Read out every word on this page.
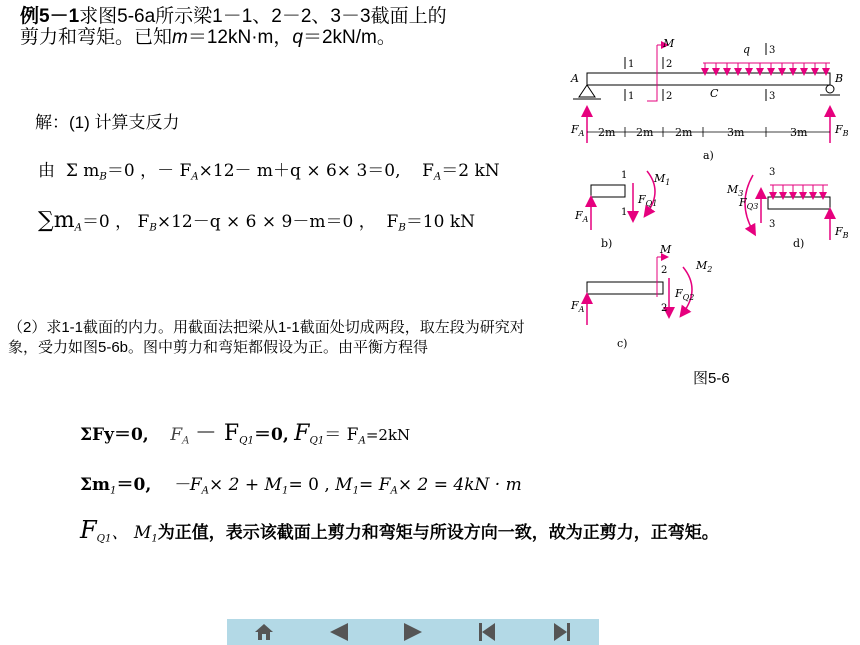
例5－1求图5-6a所示梁1－1、2－2、3－3截面上的
剪力和弯矩。已知m＝12kN·m，q＝2kN/m。
解：(1) 计算支反力
由 Σ $m_B=0$ ，－ $F_A\times 12- m+q \times 6\times 3=0$, $F_A=2$ kN
$\sum m_A=0$ ， $F_B\times 12-q \times 6 \times 9-m=0$ ， $F_B=10$ kN
（2）求1-1截面的内力。用截面法把梁从1-1截面处切成两段，取左段为研究对象，受力如图5-6b。图中剪力和弯矩都假设为正。由平衡方程得
A	B
C
M	q
1
1
2
2
3
3
$F_A$	$F_B$
2m 2m 2m	3m	3m
a)
$F_A$
$M_1$
$F_{Q1}$
1
1
b)
$F_B$
$M_3$
$F_{Q3}$
3
3
d)
$F_A$
M
$M_2$
$F_{Q2}$
2
2
c)
图5-6
ΣFy＝0, $F_A - F_{Q1}=0$, $F_{Q1}= F_A=2kN$
$\Sigma m_1=0$, $-F_A\times 2 + M_1= 0$ , $M_1= F_A\times 2 = 4kN \cdot m$
$F_{Q1}$、 $M_1$为正值，表示该截面上剪力和弯矩与所设方向一致，故为正剪力，正弯矩。
